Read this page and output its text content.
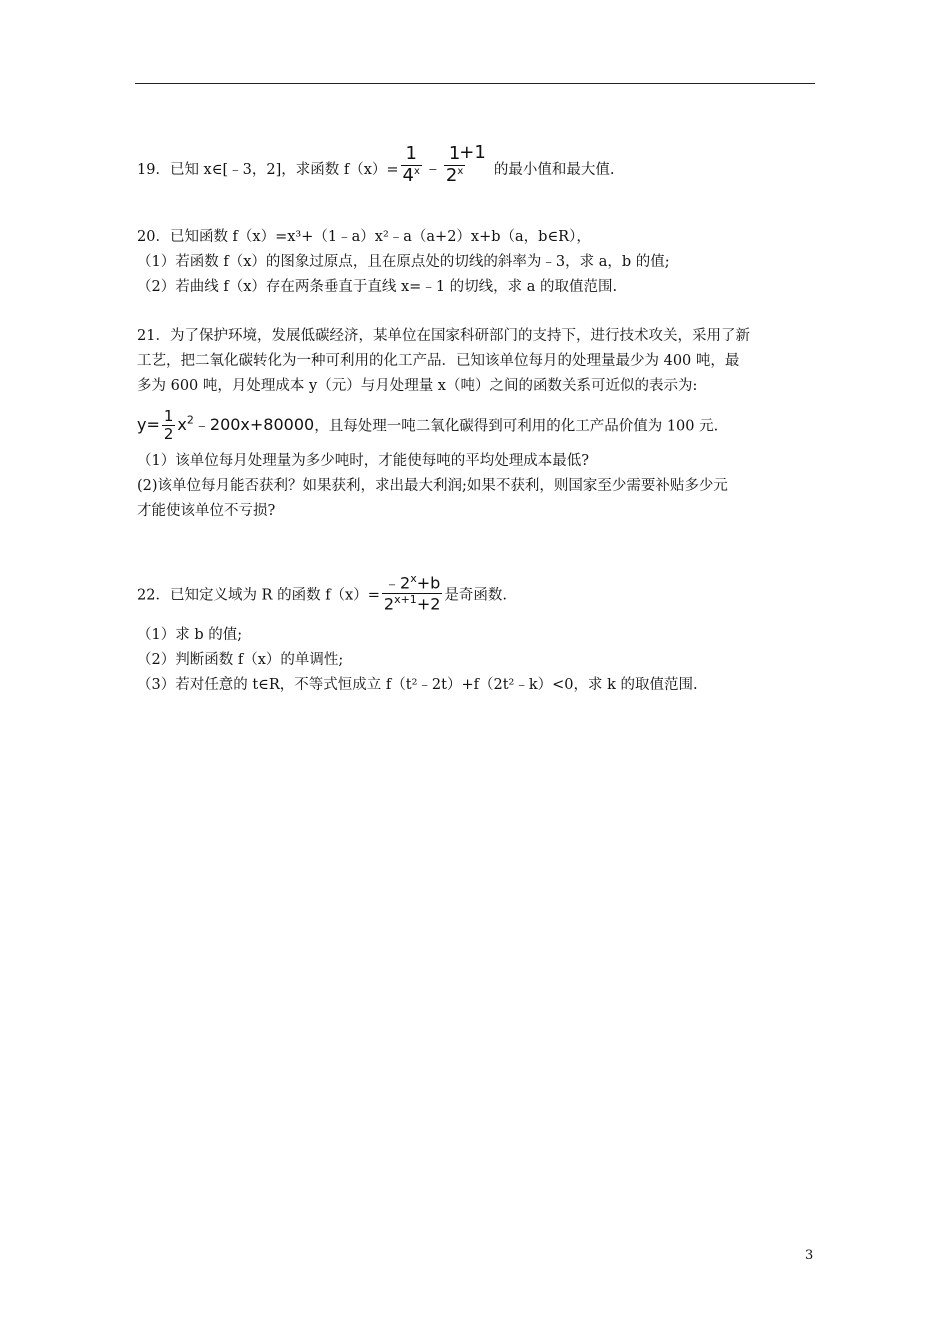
19．已知 x∈[﹣3，2]，求函数 $f(x)= \frac{1}{4^x}$ ﹣ $\frac{1}{2^x}$
+1的最小值和最大值.
20．已知函数 f（x）=x³+（1﹣a）x²﹣a（a+2）x+b（a，b∈R），
（1）若函数 f（x）的图象过原点，且在原点处的切线的斜率为﹣3，求 a，b 的值;
（2）若曲线 f（x）存在两条垂直于直线 x=﹣1 的切线，求 a 的取值范围.
21．为了保护环境，发展低碳经济，某单位在国家科研部门的支持下，进行技术攻关，采用了新
工艺，把二氧化碳转化为一种可利用的化工产品．已知该单位每月的处理量最少为 400 吨，最
多为 600 吨，月处理成本 y（元）与月处理量 x（吨）之间的函数关系可近似的表示为:
$y= \frac{1}{2}$ $x^2﹣200x+80000$，且每处理一吨二氧化碳得到可利用的化工产品价值为 100 元.
（1）该单位每月处理量为多少吨时，才能使每吨的平均处理成本最低?
(2)该单位每月能否获利？如果获利，求出最大利润;如果不获利，则国家至少需要补贴多少元
才能使该单位不亏损?
22．已知定义域为 R 的函数 $f(x)= \frac{﹣2^x+b}{2^{x+1}+2}$ 是奇函数.
（1）求 b 的值;
（2）判断函数 f（x）的单调性;
（3）若对任意的 t∈R，不等式恒成立 f（t²﹣2t）+f（2t²﹣k）<0，求 k 的取值范围.
3
